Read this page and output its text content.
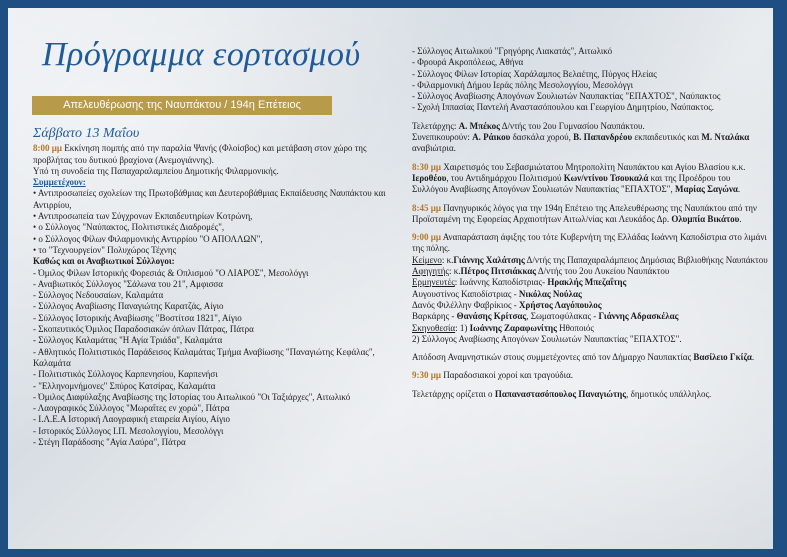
Πρόγραμμα εορτασμού
Απελευθέρωσης της Ναυπάκτου / 194η Επέτειος
Σάββατο 13 Μαΐου

8:00 μμ Εκκίνηση πομπής από την παραλία Ψανής (Φλοίσβος) και μετάβαση στον χώρο της προβλήτας του δυτικού βραχίονα (Ανεμογιάννης).

Υπό τη συνοδεία της Παπαχαραλαμπείου Δημοτικής Φιλαρμονικής.

Συμμετέχουν:

• Αντιπροσωπείες σχολείων της Πρωτοβάθμιας και Δευτεροβάθμιας Εκπαίδευσης Ναυπάκτου και Αντιρρίου,

• Αντιπροσωπεία των Σύγχρονων Εκπαιδευτηρίων Κοτρώνη,

• ο Σύλλογος "Ναύπακτος, Πολιτιστικές Διαδρομές",

• ο Σύλλογος Φίλων Φιλαρμονικής Αντιρρίου "Ο ΑΠΟΛΛΩΝ",

• το "Τεχνουργείον" Πολυχώρος Τέχνης

Καθώς και οι Αναβιωτικοί Σύλλογοι:

- Όμιλος Φίλων Ιστορικής Φορεσιάς & Οπλισμού "Ο ΛΙΑΡΟΣ", Μεσολόγγι

- Αναβιωτικός Σύλλογος "Σάλωνα του 21", Αμφισσα

- Σύλλογος Νεδουσαίων, Καλαμάτα

- Σύλλογος Αναβίωσης Παναγιώτης Καρατζάς, Αίγιο

- Σύλλογος Ιστορικής Αναβίωσης "Βοστίτσα 1821", Αίγιο

- Σκοπευτικός Όμιλος Παραδοσιακών όπλων Πάτρας, Πάτρα

- Σύλλογος Καλαμάτας "Η Αγία Τριάδα", Καλαμάτα

- Αθλητικός Πολιτιστικός Παράδεισος Καλαμάτας Τμήμα Αναβίωσης "Παναγιώτης Κεφάλας", Καλαμάτα

- Πολιτιστικός Σύλλογος Καρπενησίου, Καρπενήσι

- "Ελληνομνήμονες" Σπύρος Κατσίρας, Καλαμάτα

- Όμιλος Διαφύλαξης Αναβίωσης της Ιστορίας του Αιτωλικού "Οι Ταξιάρχες", Αιτωλικό

- Λαογραφικός Σύλλογος "Μωραΐτες εν χορώ", Πάτρα

- Ι.Λ.Ε.Α Ιστορική Λαογραφική εταιρεία Αιγίου, Αίγιο

- Ιστορικός Σύλλογος Ι.Π. Μεσολογγίου, Μεσολόγγι

- Στέγη Παράδοσης "Αγία Λαύρα", Πάτρα

- Σύλλογος Αιτωλικού "Γρηγόρης Λιακατάς", Αιτωλικό

- Φρουρά Ακροπόλεως, Αθήνα

- Σύλλογος Φίλων Ιστορίας Χαράλαμπος Βελαέτης, Πύργος Ηλείας

- Φιλαρμονική Δήμου Ιεράς πόλης Μεσολογγίου, Μεσολόγγι

- Σύλλογος Αναβίωσης Απογόνων Σουλιωτών Ναυπακτίας "ΕΠΑΧΤΟΣ", Ναύπακτος

- Σχολή Ιππασίας Παντελή Αναστασόπουλου και Γεωργίου Δημητρίου, Ναύπακτος.

Τελετάρχης: Α. Μπέκος Δ/ντής του 2ου Γυμνασίου Ναυπάκτου.

Συνεπικουρούν: Α. Ράικου δασκάλα χορού, Β. Παπανδρέου εκπαιδευτικός και Μ. Νταλάκα αναβιώτρια.

8:30 μμ Χαιρετισμός του Σεβασμιώτατου Μητροπολίτη Ναυπάκτου και Αγίου Βλασίου κ.κ. Ιεροθέου, του Αντιδημάρχου Πολιτισμού Κων/ντίνου Τσουκαλά και της Προέδρου του Συλλόγου Αναβίωσης Απογόνων Σουλιωτών Ναυπακτίας "ΕΠΑΧΤΟΣ", Μαρίας Σαγώνα.

8:45 μμ Πανηγυρικός λόγος για την 194η Επέτειο της Απελευθέρωσης της Ναυπάκτου από την Προϊσταμένη της Εφορείας Αρχαιοτήτων Αιτωλ/νίας και Λευκάδος Δρ. Ολυμπία Βικάτου.

9:00 μμ Αναπαράσταση άφιξης του τότε Κυβερνήτη της Ελλάδας Ιωάννη Καποδίστρια στο λιμάνι της πόλης.

Κείμενο: κ.Γιάννης Χαλάτσης Δ/ντής της Παπαχαραλάμπειος Δημόσιας Βιβλιοθήκης Ναυπάκτου

Αφηγητής: κ.Πέτρος Πιτσιάκκας Δ/ντής του 2ου Λυκείου Ναυπάκτου

Ερμηνευτές: Ιωάννης Καποδίστριας- Ηρακλής Μπεζαΐτης

Αυγουστίνος Καποδίστριας - Νικόλας Νούλας

Δανός Φιλέλλην Φαβρίκιος - Χρήστος Λαγόπουλος

Βαρκάρης - Θανάσης Κρίτσας, Σωματοφύλακας - Γιάννης Αδρασκέλας

Σκηνοθεσία: 1) Ιωάννης Ζαραφωνίτης Ηθοποιός

2) Σύλλογος Αναβίωσης Απογόνων Σουλιωτών Ναυπακτίας "ΕΠΑΧΤΟΣ".

Απόδοση Αναμνηστικών στους συμμετέχοντες από τον Δήμαρχο Ναυπακτίας Βασίλειο Γκίζα.

9:30 μμ Παραδοσιακοί χοροί και τραγούδια.

Τελετάρχης ορίζεται ο Παπαναστασόπουλος Παναγιώτης, δημοτικός υπάλληλος.
